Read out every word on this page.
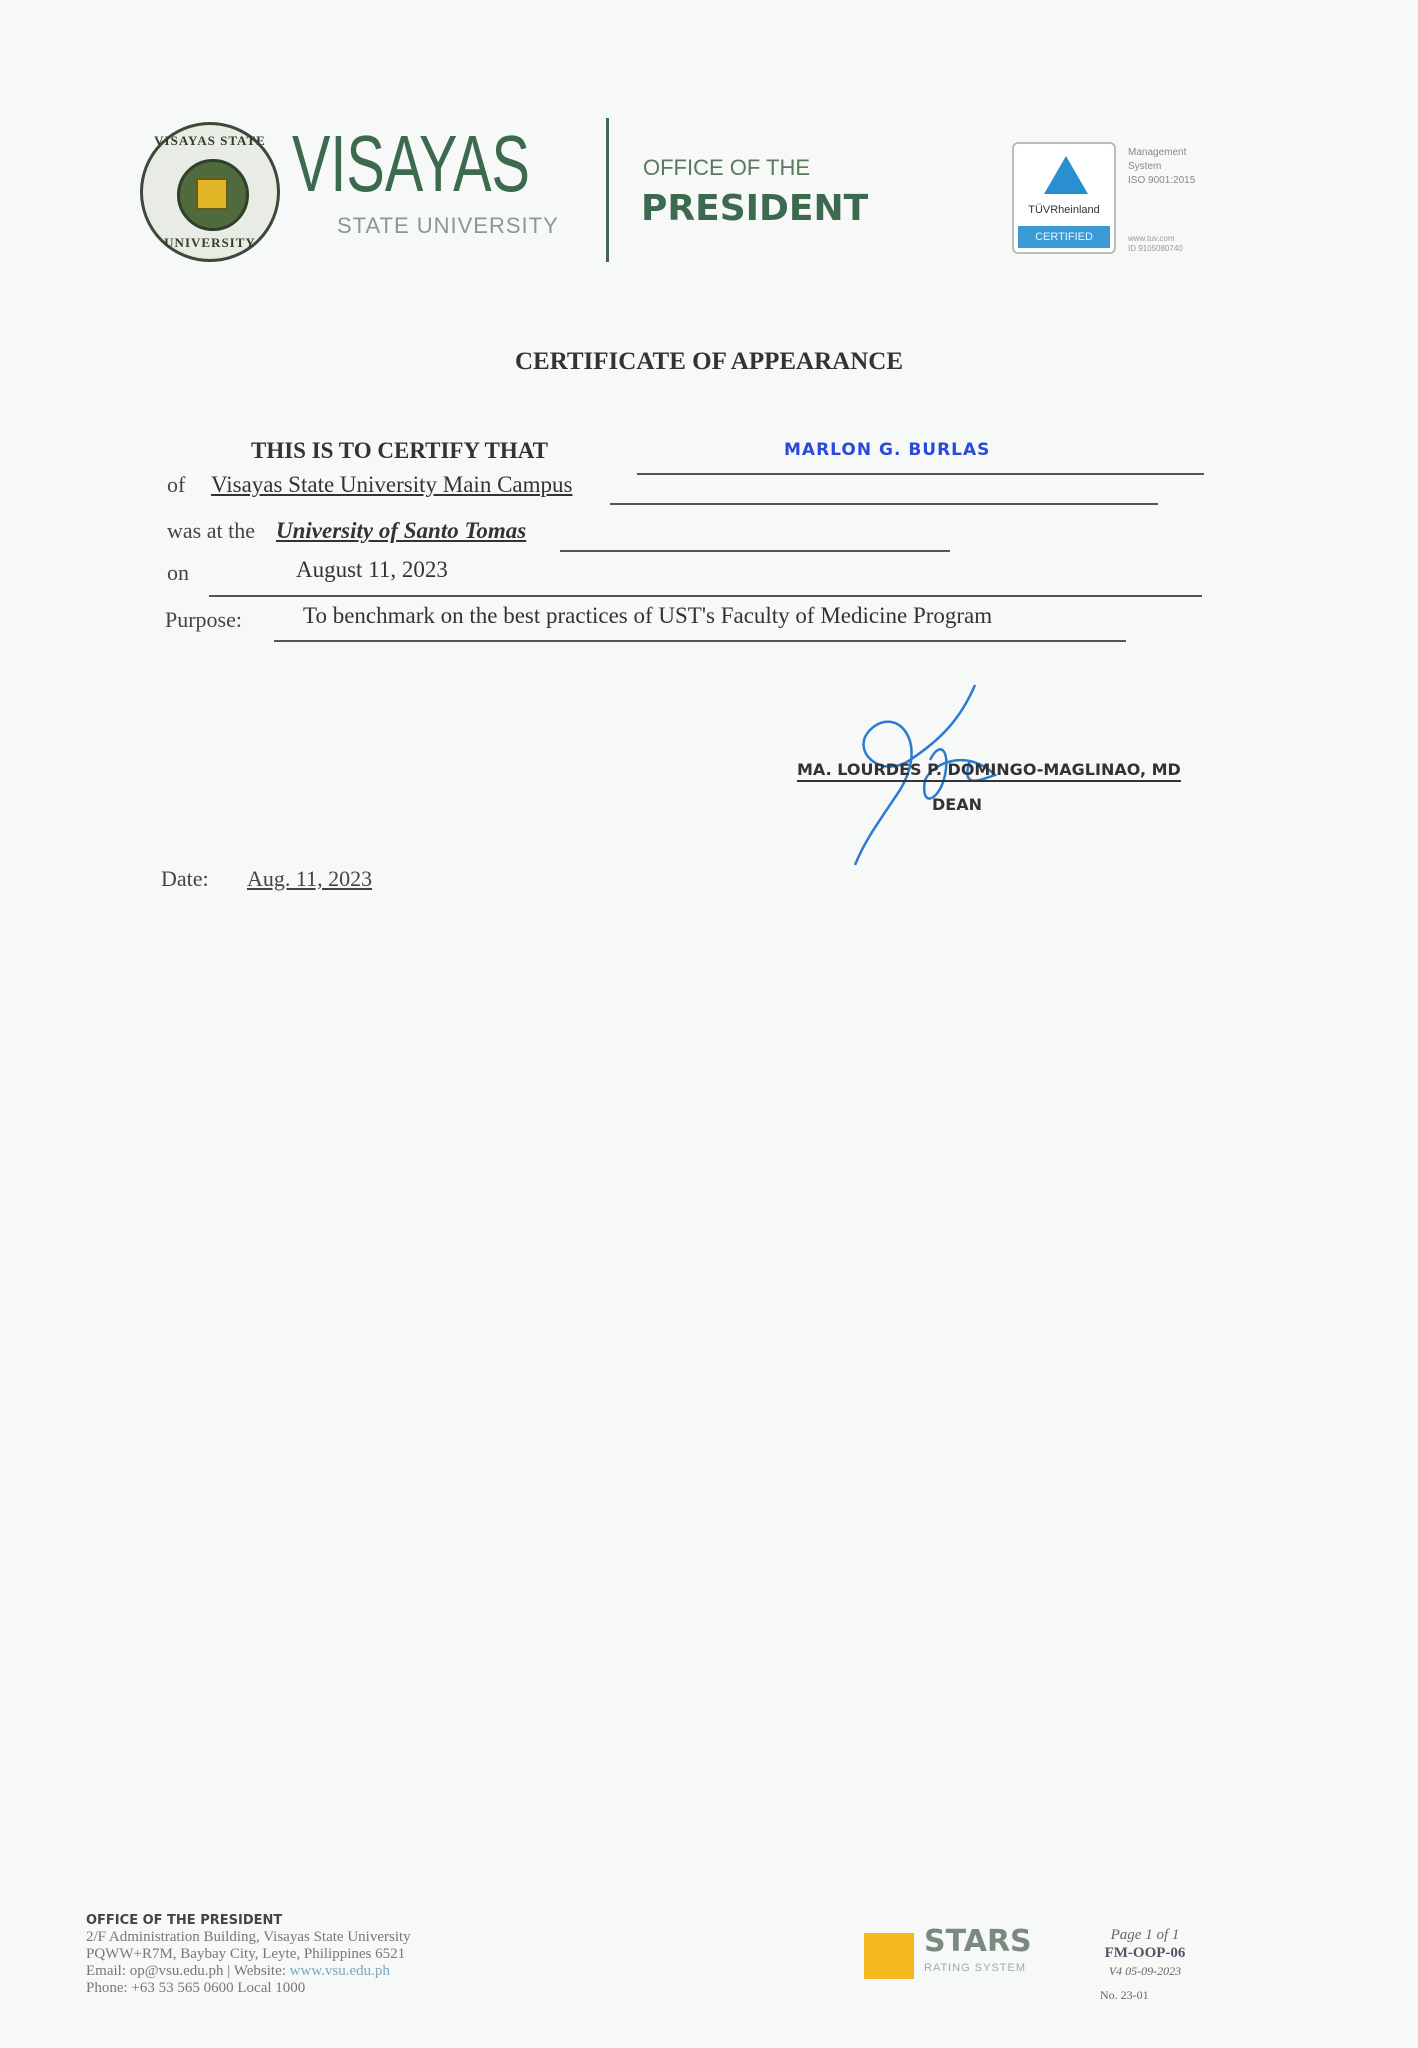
VISAYAS STATE
UNIVERSITY
VISAYAS
STATE UNIVERSITY
OFFICE OF THE
PRESIDENT	TÜVRheinland
CERTIFIED
Management
System
ISO 9001:2015
www.tuv.com
ID 9105080740
CERTIFICATE OF APPEARANCE
THIS IS TO CERTIFY THAT	MARLON G. BURLAS
of Visayas State University Main Campus
was at the University of Santo Tomas
on	August 11, 2023
Purpose:	To benchmark on the best practices of UST's Faculty of Medicine Program
MA. LOURDES P. DOMINGO-MAGLINAO, MD
DEAN
Date: Aug. 11, 2023
OFFICE OF THE PRESIDENT
2/F Administration Building, Visayas State University
PQWW+R7M, Baybay City, Leyte, Philippines 6521
Email: op@vsu.edu.ph | Website: www.vsu.edu.ph
Phone: +63 53 565 0600 Local 1000
STARS
RATING SYSTEM
Page 1 of 1
FM-OOP-06
V4 05-09-2023
No. 23-01
